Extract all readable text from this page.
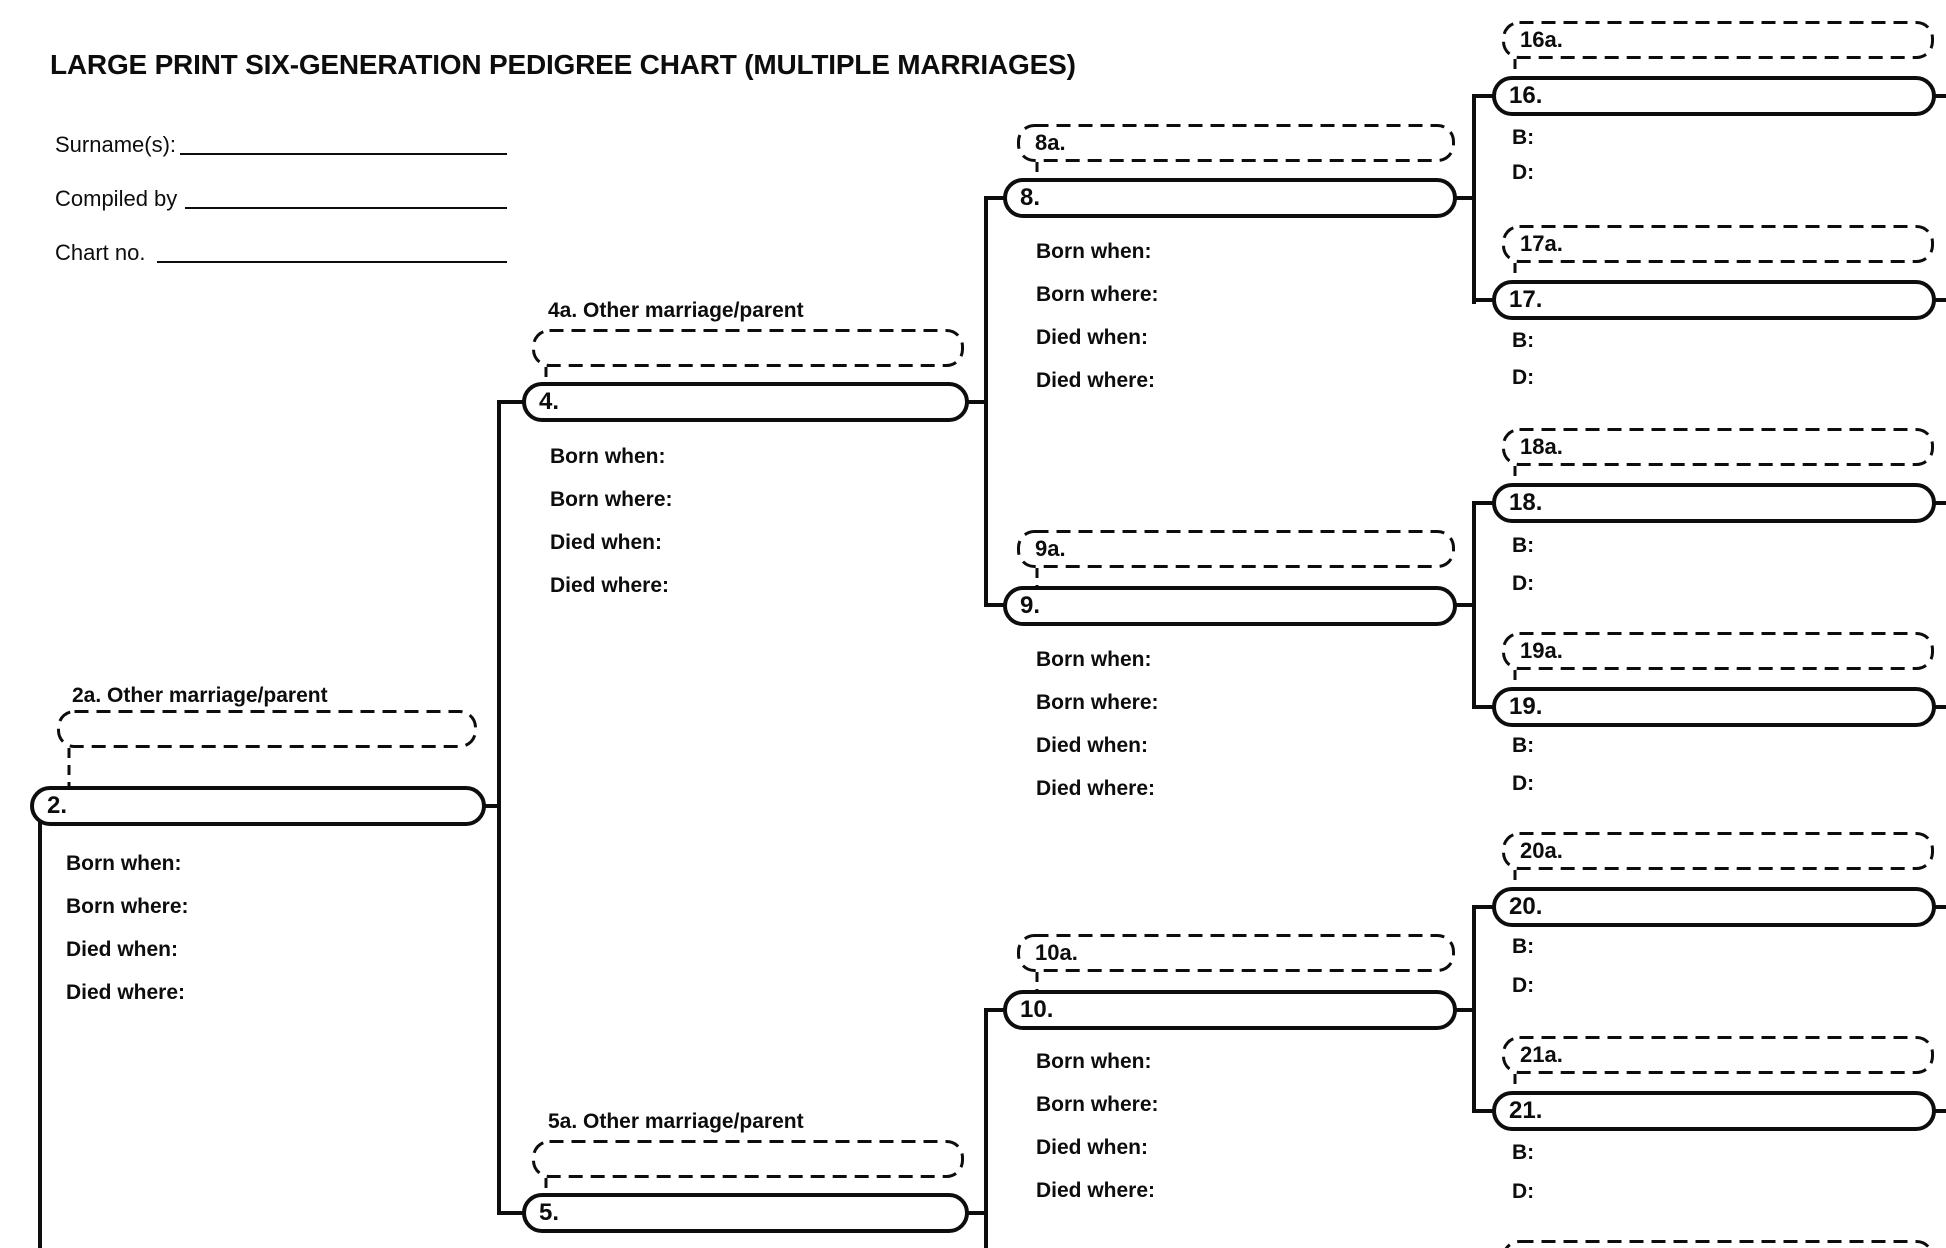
LARGE PRINT SIX-GENERATION PEDIGREE CHART (MULTIPLE MARRIAGES)
Surname(s):
Compiled by
Chart no.
2a. Other marriage/parent
2.
Born when:
Born where:
Died when:
Died where:
4a. Other marriage/parent
4.
Born when:
Born where:
Died when:
Died where:
5a. Other marriage/parent
5.
8a.
8.
Born when:
Born where:
Died when:
Died where:
9a.
9.
Born when:
Born where:
Died when:
Died where:
10a.
10.
Born when:
Born where:
Died when:
Died where:
16a.
16.
B:
D:
17a.
17.
B:
D:
18a.
18.
B:
D:
19a.
19.
B:
D:
20a.
20.
B:
D:
21a.
21.
B:
D:
